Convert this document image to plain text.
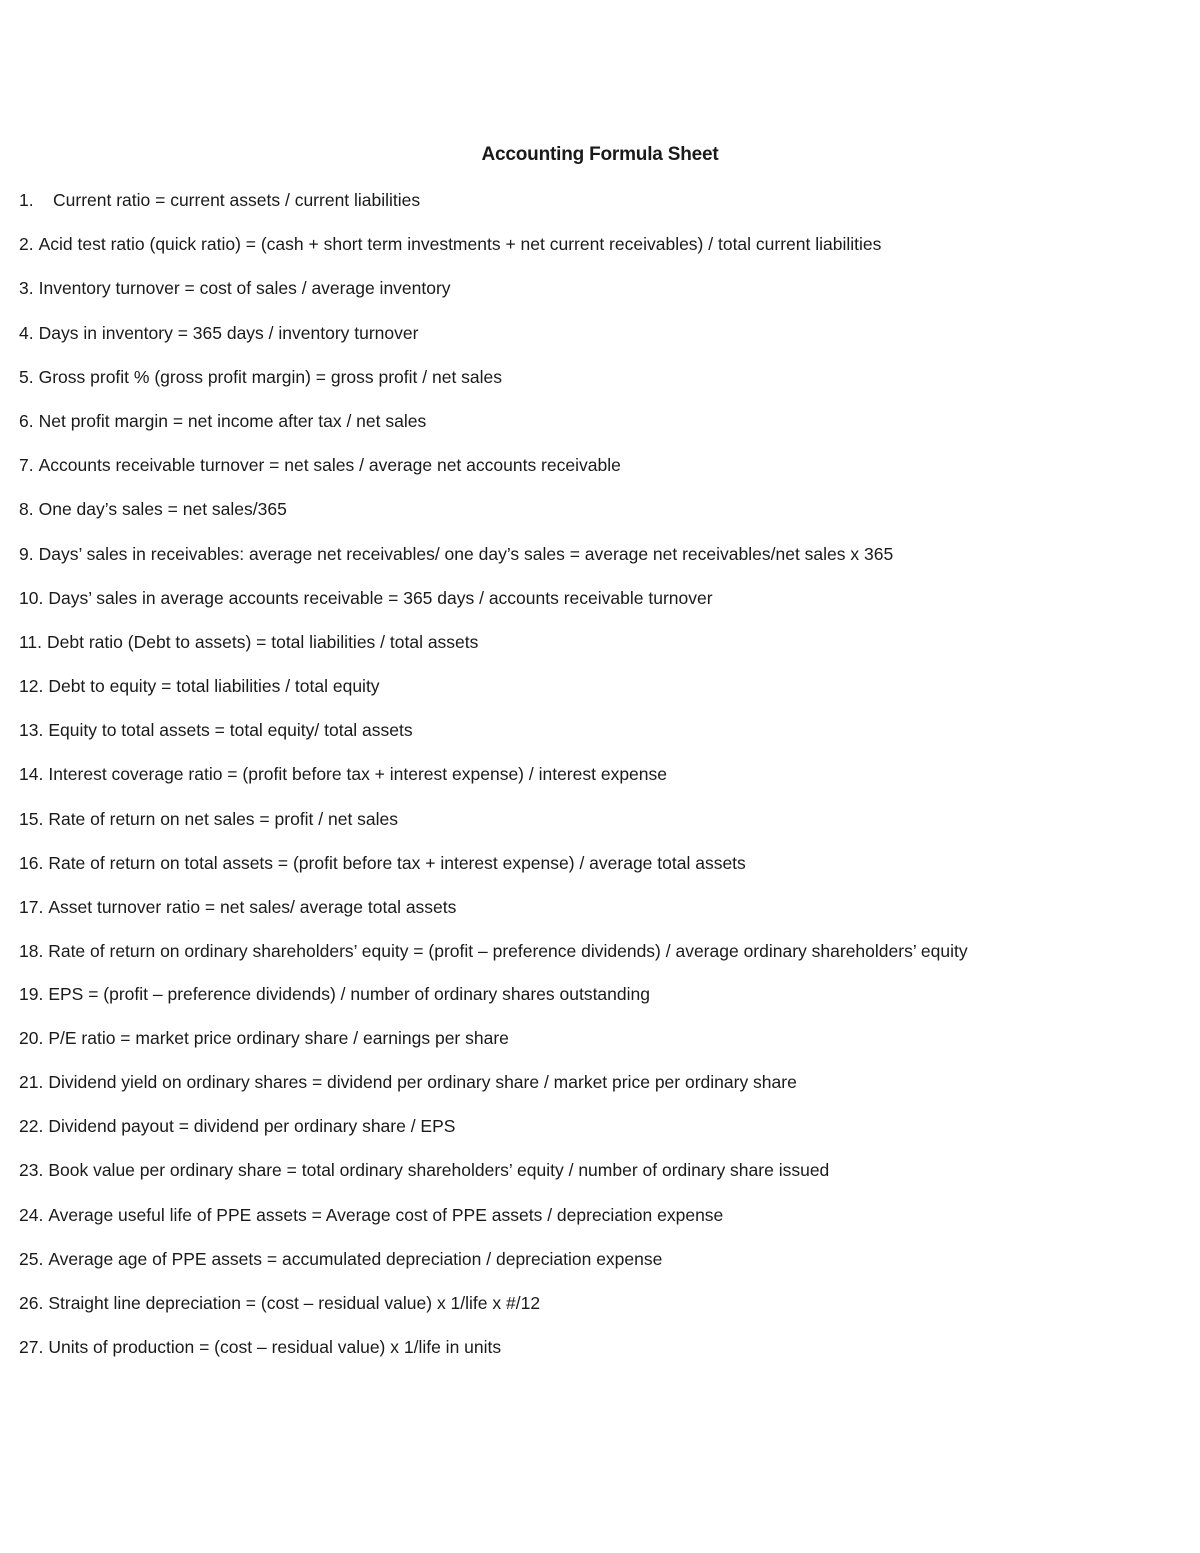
Accounting Formula Sheet
1.	Current ratio = current assets / current liabilities
2. Acid test ratio (quick ratio) = (cash + short term investments + net current receivables) / total current liabilities
3. Inventory turnover = cost of sales / average inventory
4. Days in inventory = 365 days / inventory turnover
5. Gross profit % (gross profit margin) = gross profit / net sales
6. Net profit margin = net income after tax / net sales
7. Accounts receivable turnover = net sales / average net accounts receivable
8. One day’s sales = net sales/365
9. Days’ sales in receivables: average net receivables/ one day’s sales = average net receivables/net sales x 365
10. Days’ sales in average accounts receivable = 365 days / accounts receivable turnover
11. Debt ratio (Debt to assets) = total liabilities / total assets
12. Debt to equity = total liabilities / total equity
13. Equity to total assets = total equity/ total assets
14. Interest coverage ratio = (profit before tax + interest expense) / interest expense
15. Rate of return on net sales = profit / net sales
16. Rate of return on total assets = (profit before tax + interest expense) / average total assets
17. Asset turnover ratio = net sales/ average total assets
18. Rate of return on ordinary shareholders’ equity = (profit – preference dividends) / average ordinary shareholders’ equity
19. EPS = (profit – preference dividends) / number of ordinary shares outstanding
20. P/E ratio = market price ordinary share / earnings per share
21. Dividend yield on ordinary shares = dividend per ordinary share / market price per ordinary share
22. Dividend payout = dividend per ordinary share / EPS
23. Book value per ordinary share = total ordinary shareholders’ equity / number of ordinary share issued
24. Average useful life of PPE assets = Average cost of PPE assets / depreciation expense
25. Average age of PPE assets = accumulated depreciation / depreciation expense
26. Straight line depreciation = (cost – residual value) x 1/life x #/12
27. Units of production = (cost – residual value) x 1/life in units
